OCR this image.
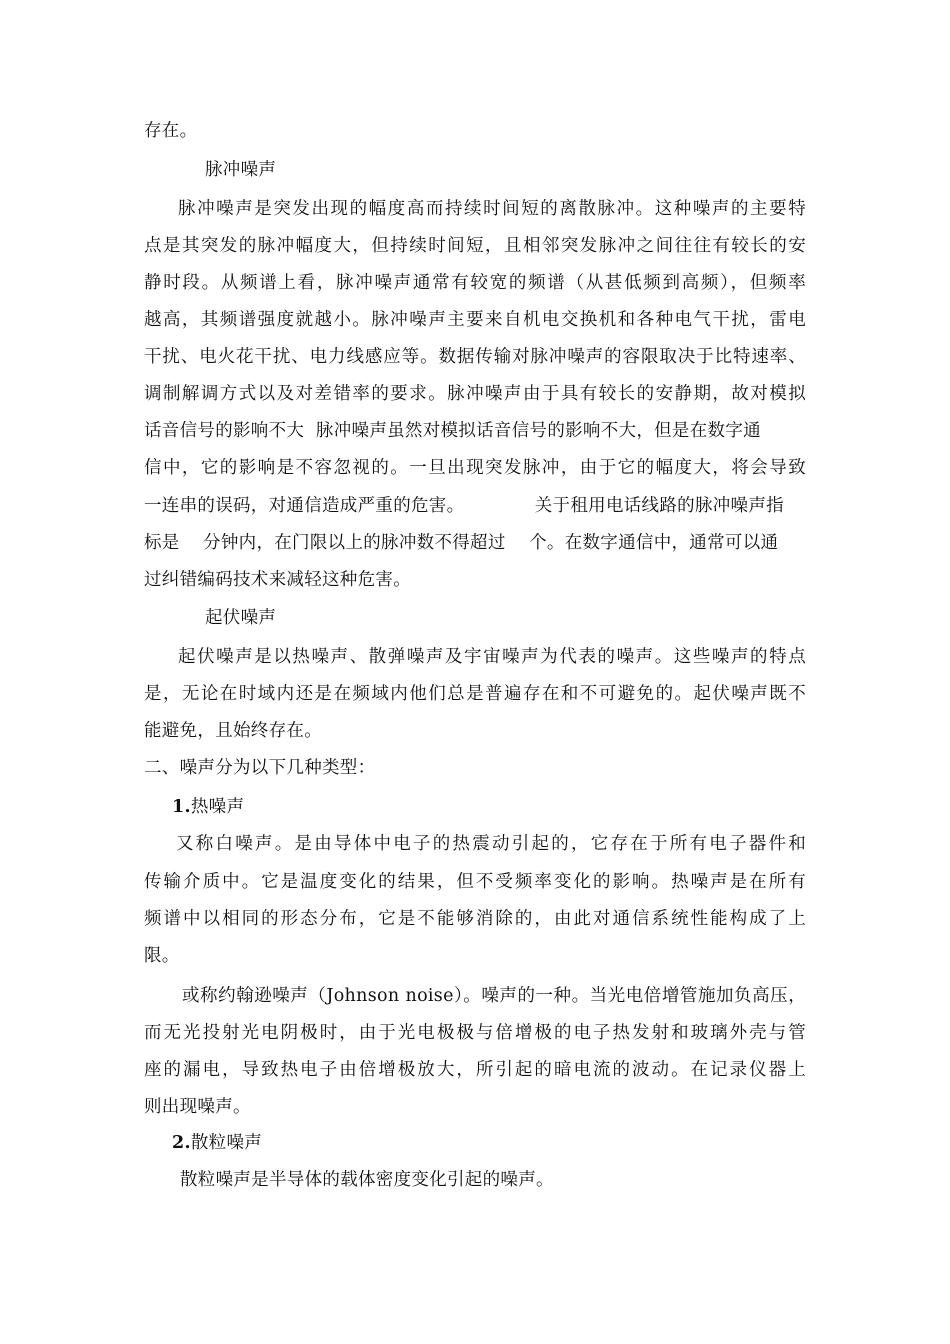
存在。
脉冲噪声
脉冲噪声是突发出现的幅度高而持续时间短的离散脉冲。这种噪声的主要特
点是其突发的脉冲幅度大，但持续时间短，且相邻突发脉冲之间往往有较长的安
静时段。从频谱上看，脉冲噪声通常有较宽的频谱（从甚低频到高频），但频率
越高，其频谱强度就越小。脉冲噪声主要来自机电交换机和各种电气干扰，雷电
干扰、电火花干扰、电力线感应等。数据传输对脉冲噪声的容限取决于比特速率、
调制解调方式以及对差错率的要求。脉冲噪声由于具有较长的安静期，故对模拟
话音信号的影响不大  脉冲噪声虽然对模拟话音信号的影响不大，但是在数字通
信中，它的影响是不容忽视的。一旦出现突发脉冲，由于它的幅度大，将会导致
一连串的误码，对通信造成严重的危害。            关于租用电话线路的脉冲噪声指
标是    分钟内，在门限以上的脉冲数不得超过    个。在数字通信中，通常可以通
过纠错编码技术来减轻这种危害。
起伏噪声
起伏噪声是以热噪声、散弹噪声及宇宙噪声为代表的噪声。这些噪声的特点
是，无论在时域内还是在频域内他们总是普遍存在和不可避免的。起伏噪声既不
能避免，且始终存在。
二、噪声分为以下几种类型：
1.热噪声
又称白噪声。是由导体中电子的热震动引起的，它存在于所有电子器件和
传输介质中。它是温度变化的结果，但不受频率变化的影响。热噪声是在所有
频谱中以相同的形态分布，它是不能够消除的，由此对通信系统性能构成了上
限。
或称约翰逊噪声（Johnson noise）。噪声的一种。当光电倍增管施加负高压，
而无光投射光电阴极时，由于光电极极与倍增极的电子热发射和玻璃外壳与管
座的漏电，导致热电子由倍增极放大，所引起的暗电流的波动。在记录仪器上
则出现噪声。
2.散粒噪声
散粒噪声是半导体的载体密度变化引起的噪声。
